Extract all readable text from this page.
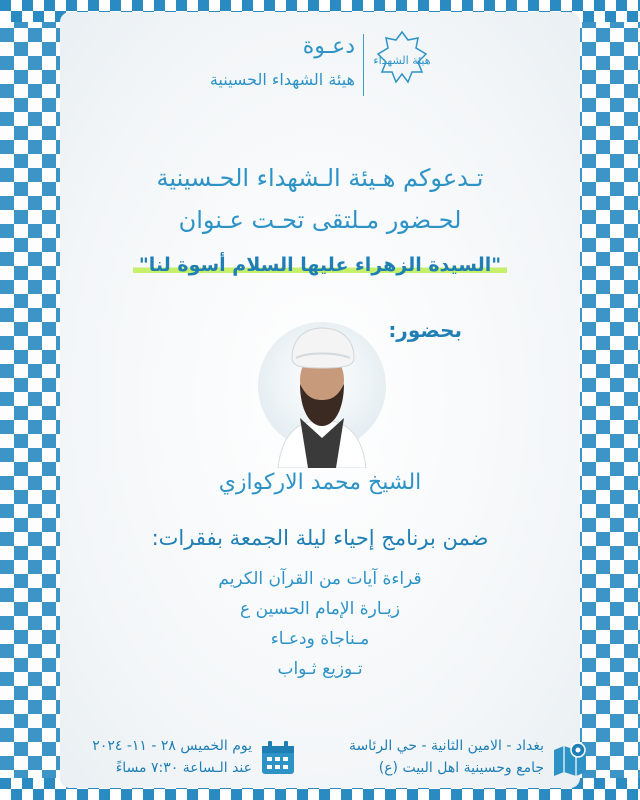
هيئة الشهداء
دعـوة
هيئة الشهداء الحسينية
تـدعوكم هـيئة الـشهداء الحـسينية
لحـضور مـلتقى تحـت عـنوان
"السيدة الزهراء عليها السلام أسوة لنا"
بحضور:
الشيخ محمد الاركوازي
ضمن برنامج إحياء ليلة الجمعة بفقرات:
قراءة آيات من القرآن الكريم
زيـارة الإمام الحسين ع
مـناجاة ودعـاء
تـوزيع ثـواب
يوم الخميس ٢٨ - ١١- ٢٠٢٤
عند الـساعة ٧:٣٠ مساءً
بغداد - الامين الثانية - حي الرئاسة
جامع وحسينية اهل البيت (ع)
